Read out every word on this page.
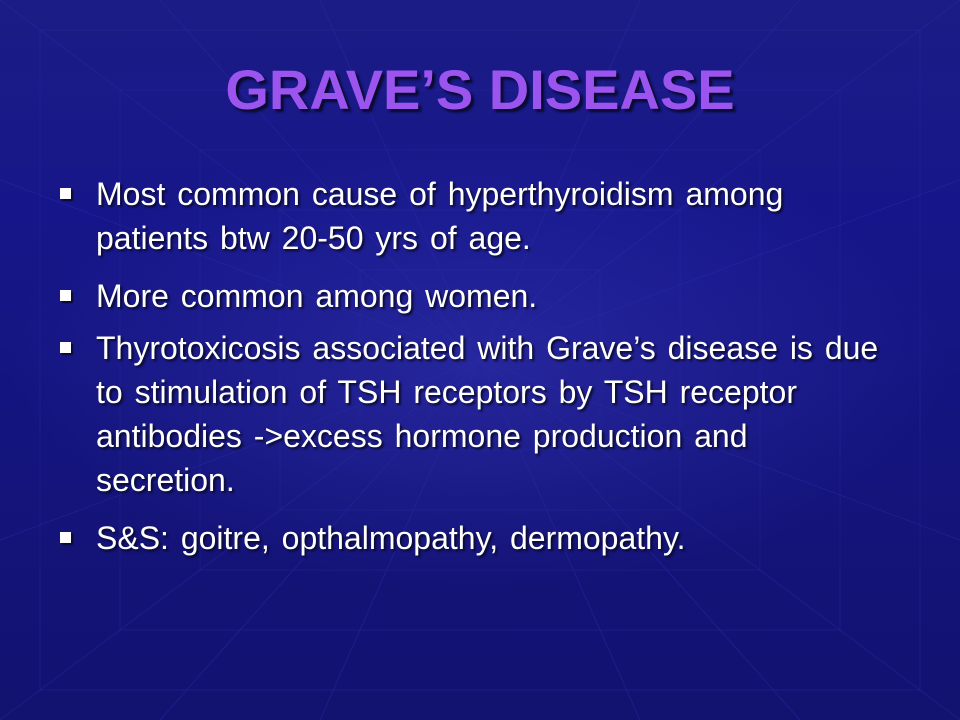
GRAVE’S DISEASE
Most common cause of hyperthyroidism among patients btw 20-50 yrs of age.
More common among women.
Thyrotoxicosis associated with Grave’s disease is due to stimulation of TSH receptors by TSH receptor antibodies ->excess hormone production and secretion.
S&S: goitre, opthalmopathy, dermopathy.
